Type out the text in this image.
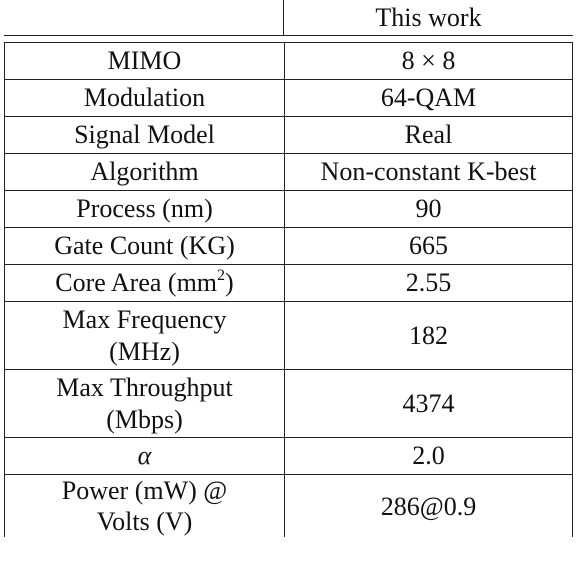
	This work
MIMO	8 × 8
Modulation	64-QAM
Signal Model	Real
Algorithm	Non-constant K-best
Process (nm)	90
Gate Count (KG)	665
Core Area $(mm^2)$	2.55
Max Frequency
(MHz)	182
Max Throughput
(Mbps)	4374
α	2.0
Power (mW) @
Volts (V)	286@0.9
